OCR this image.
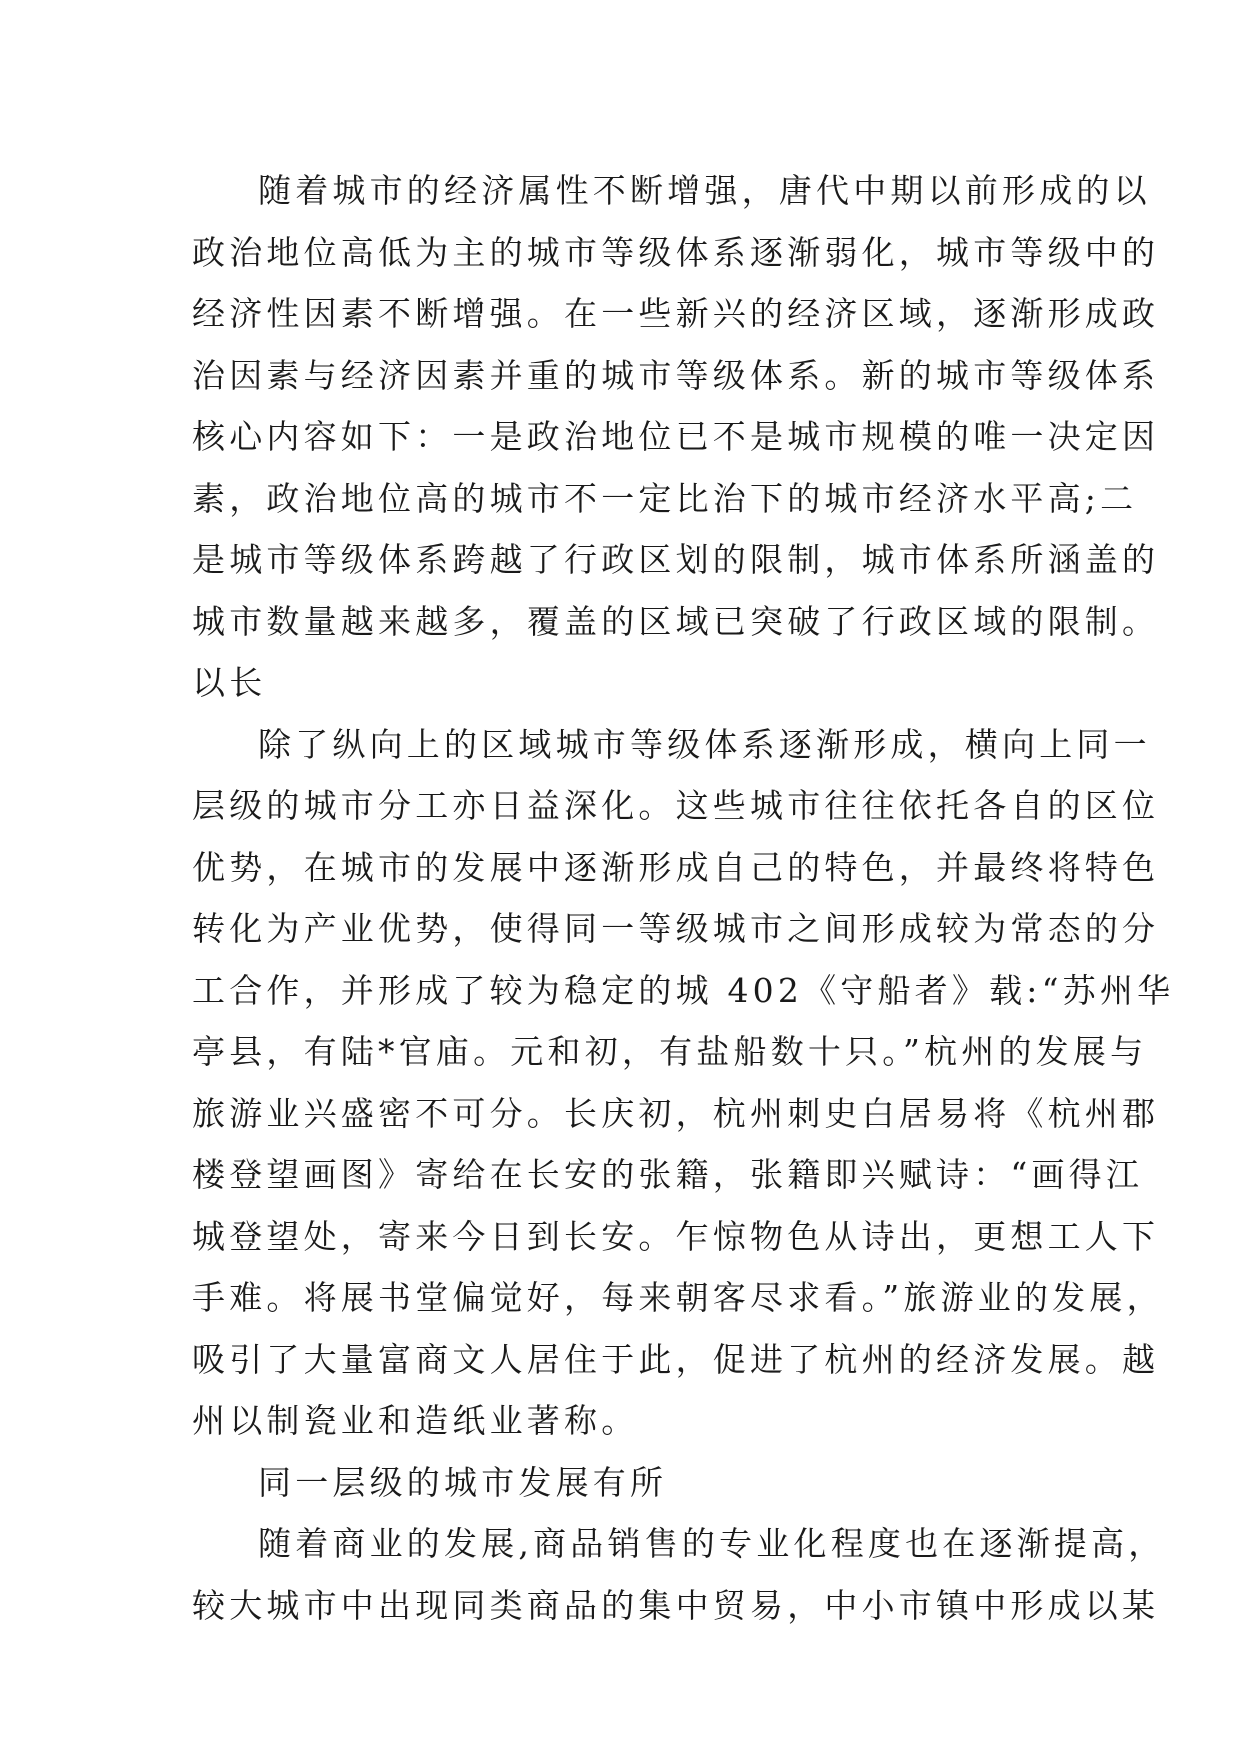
随着城市的经济属性不断增强，唐代中期以前形成的以
政治地位高低为主的城市等级体系逐渐弱化，城市等级中的
经济性因素不断增强。在一些新兴的经济区域，逐渐形成政
治因素与经济因素并重的城市等级体系。新的城市等级体系
核心内容如下：一是政治地位已不是城市规模的唯一决定因
素，政治地位高的城市不一定比治下的城市经济水平高;二
是城市等级体系跨越了行政区划的限制，城市体系所涵盖的
城市数量越来越多，覆盖的区域已突破了行政区域的限制。
以长
除了纵向上的区域城市等级体系逐渐形成，横向上同一
层级的城市分工亦日益深化。这些城市往往依托各自的区位
优势，在城市的发展中逐渐形成自己的特色，并最终将特色
转化为产业优势，使得同一等级城市之间形成较为常态的分
工合作，并形成了较为稳定的城 402《守船者》载:“苏州华
亭县，有陆*官庙。元和初，有盐船数十只。”杭州的发展与
旅游业兴盛密不可分。长庆初，杭州刺史白居易将《杭州郡
楼登望画图》寄给在长安的张籍，张籍即兴赋诗：“画得江
城登望处，寄来今日到长安。乍惊物色从诗出，更想工人下
手难。将展书堂偏觉好，每来朝客尽求看。”旅游业的发展，
吸引了大量富商文人居住于此，促进了杭州的经济发展。越
州以制瓷业和造纸业著称。
同一层级的城市发展有所
随着商业的发展,商品销售的专业化程度也在逐渐提高，
较大城市中出现同类商品的集中贸易，中小市镇中形成以某
